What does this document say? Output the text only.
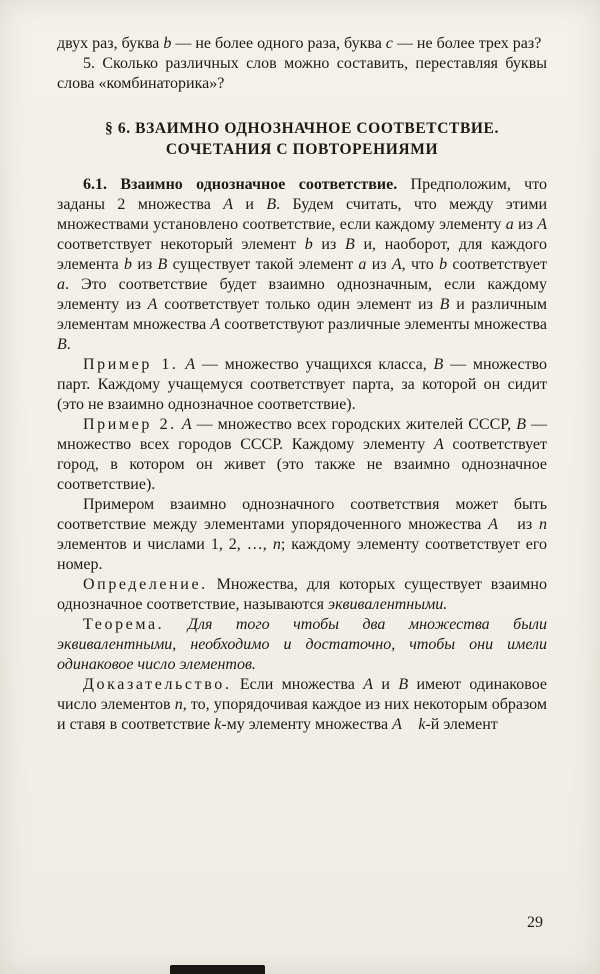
двух раз, буква b — не более одного раза, буква c — не более трех раз?

5. Сколько различных слов можно составить, переставляя буквы слова «комбинаторика»?

§ 6. ВЗАИМНО ОДНОЗНАЧНОЕ СООТВЕТСТВИЕ.
СОЧЕТАНИЯ С ПОВТОРЕНИЯМИ

6.1. Взаимно однозначное соответствие. Предположим, что заданы 2 множества A и B. Будем считать, что между этими множествами установлено соответствие, если каждому элементу a из A соответствует некоторый элемент b из B и, наоборот, для каждого элемента b из B существует такой элемент a из A, что b соответствует a. Это соответствие будет взаимно однозначным, если каждому элементу из A соответствует только один элемент из B и различным элементам множества A соответствуют различные элементы множества B.

Пример 1. A — множество учащихся класса, B — множество парт. Каждому учащемуся соответствует парта, за которой он сидит (это не взаимно однозначное соответствие).

Пример 2. A — множество всех городских жителей СССР, B — множество всех городов СССР. Каждому элементу A соответствует город, в котором он живет (это также не взаимно однозначное соответствие).

Примером взаимно однозначного соответствия может быть соответствие между элементами упорядоченного множества A⃗ из n элементов и числами 1, 2, …, n; каждому элементу соответствует его номер.

Определение. Множества, для которых существует взаимно однозначное соответствие, называются эквивалентными.

Теорема. Для того чтобы два множества были эквивалентными, необходимо и достаточно, чтобы они имели одинаковое число элементов.

Доказательство. Если множества A и B имеют одинаковое число элементов n, то, упорядочивая каждое из них некоторым образом и ставя в соответствие k-му элементу множества A⃗ k-й элемент

29
